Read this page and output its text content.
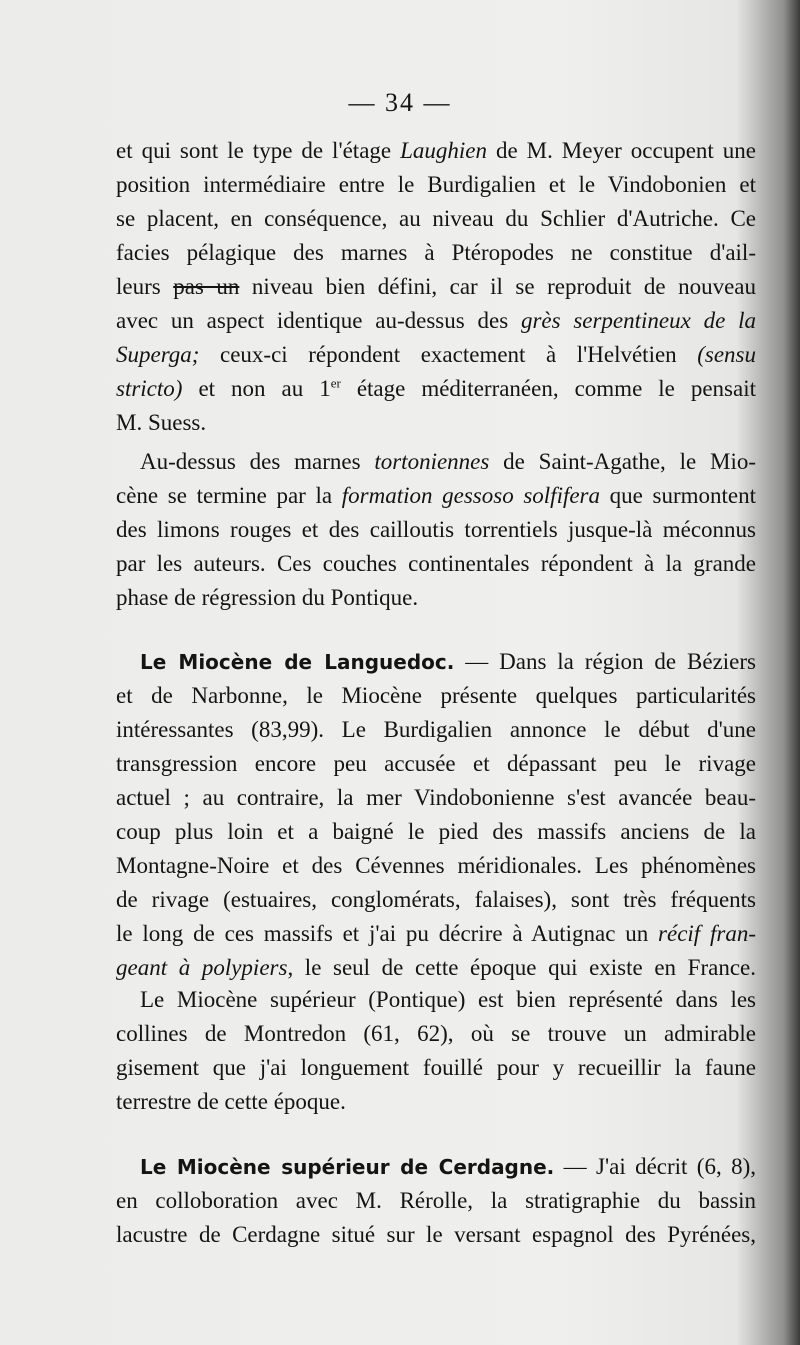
— 34 —
et qui sont le type de l'étage Laughien de M. Meyer occupent une
position intermédiaire entre le Burdigalien et le Vindobonien et
se placent, en conséquence, au niveau du Schlier d'Autriche. Ce
facies pélagique des marnes à Ptéropodes ne constitue d'ail-
leurs pas un niveau bien défini, car il se reproduit de nouveau
avec un aspect identique au-dessus des grès serpentineux de la
Superga; ceux-ci répondent exactement à l'Helvétien (sensu
stricto) et non au 1er étage méditerranéen, comme le pensait
M. Suess.
Au-dessus des marnes tortoniennes de Saint-Agathe, le Mio-
cène se termine par la formation gessoso solfifera que surmontent
des limons rouges et des cailloutis torrentiels jusque-là méconnus
par les auteurs. Ces couches continentales répondent à la grande
phase de régression du Pontique.
Le Miocène de Languedoc. — Dans la région de Béziers
et de Narbonne, le Miocène présente quelques particularités
intéressantes (83,99). Le Burdigalien annonce le début d'une
transgression encore peu accusée et dépassant peu le rivage
actuel ; au contraire, la mer Vindobonienne s'est avancée beau-
coup plus loin et a baigné le pied des massifs anciens de la
Montagne-Noire et des Cévennes méridionales. Les phénomènes
de rivage (estuaires, conglomérats, falaises), sont très fréquents
le long de ces massifs et j'ai pu décrire à Autignac un récif fran-
geant à polypiers, le seul de cette époque qui existe en France.
Le Miocène supérieur (Pontique) est bien représenté dans les
collines de Montredon (61, 62), où se trouve un admirable
gisement que j'ai longuement fouillé pour y recueillir la faune
terrestre de cette époque.
Le Miocène supérieur de Cerdagne. — J'ai décrit (6, 8),
en colloboration avec M. Rérolle, la stratigraphie du bassin
lacustre de Cerdagne situé sur le versant espagnol des Pyrénées,
